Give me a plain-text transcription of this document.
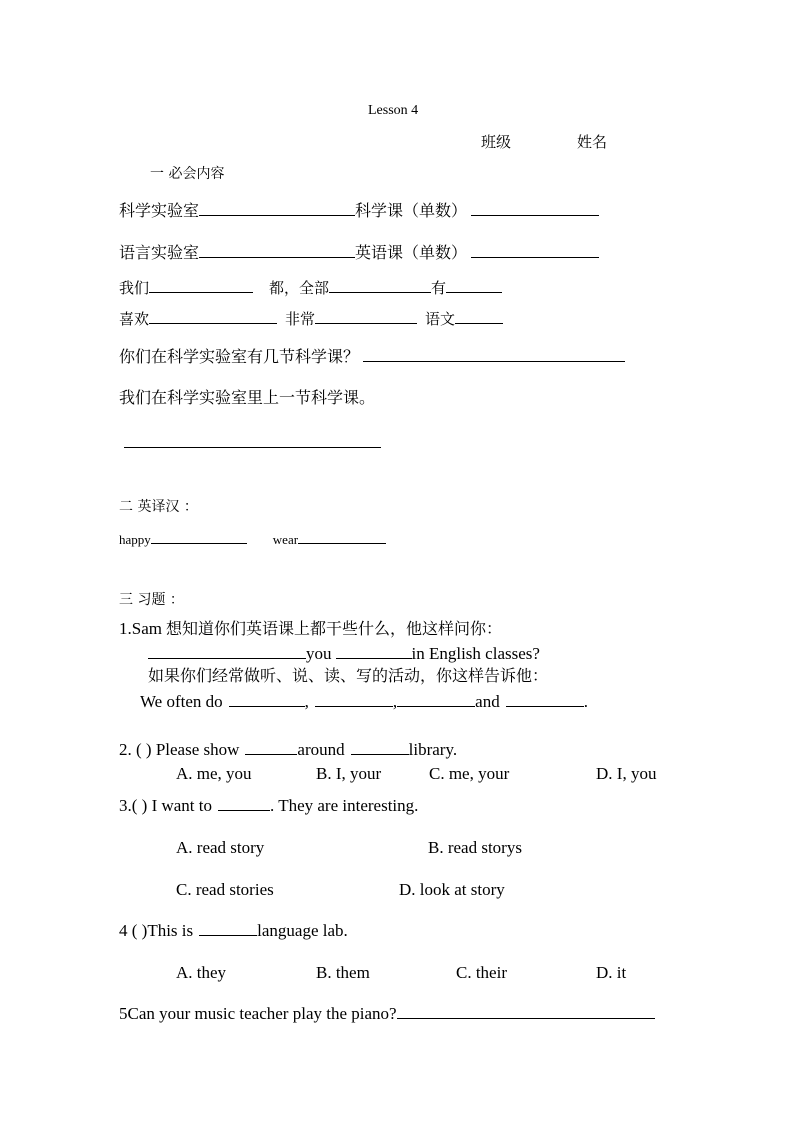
Lesson 4
班级	姓名
一 必会内容
科学实验室	科学课（单数）
语言实验室	英语课（单数）
我们	都，全部	有
喜欢	非常	语文
你们在科学实验室有几节科学课？
我们在科学实验室里上一节科学课。
二 英译汉 ：
happy	wear
三 习题 ：
1.Sam 想知道你们英语课上都干些什么，他这样问你：
you	in English classes?
如果你们经常做听、说、读、写的活动，你这样告诉他：
We often do	,	,	and	.
2. ( ) Please show	around	library.
A. me, you	B. I, your	C. me, your	D. I, you
3.( ) I want to	. They are interesting.
A. read story	B. read storys
C. read stories	D. look at story
4 ( )This is	language lab.
A. they	B. them	C. their	D. it
5Can your music teacher play the piano?
